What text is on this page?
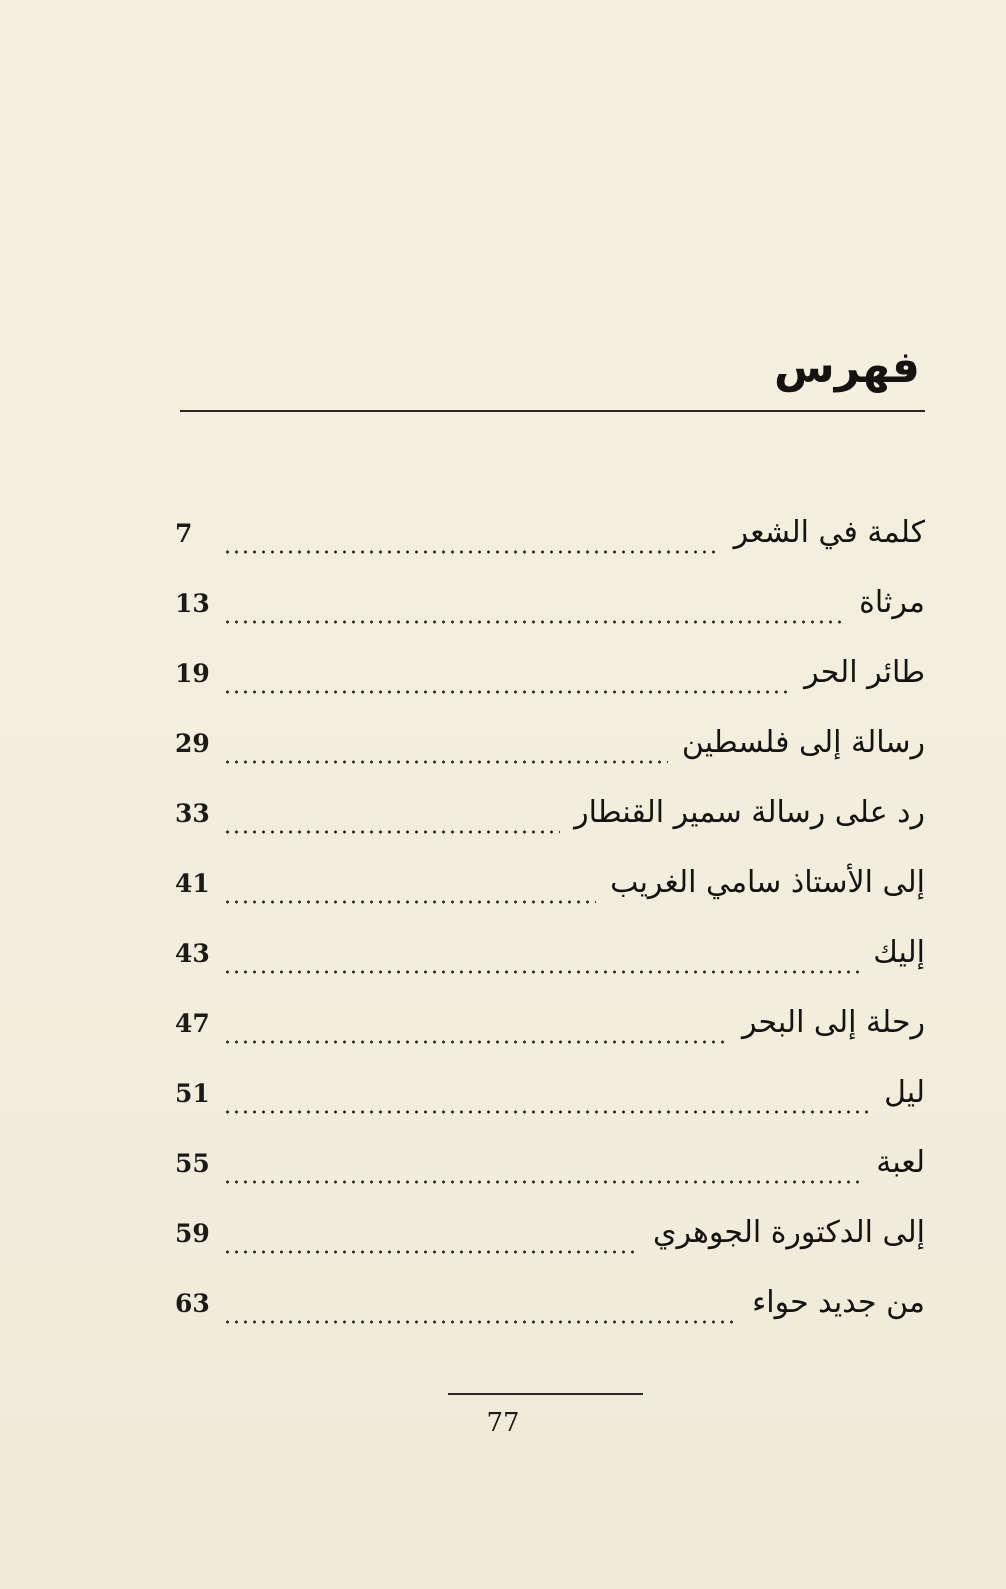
فهرس
7	كلمة في الشعر
13	مرثاة
19	طائر الحر
29	رسالة إلى فلسطين
33	رد على رسالة سمير القنطار
41	إلى الأستاذ سامي الغريب
43	إليك
47	رحلة إلى البحر
51	ليل
55	لعبة
59	إلى الدكتورة الجوهري
63	من جديد حواء
77
